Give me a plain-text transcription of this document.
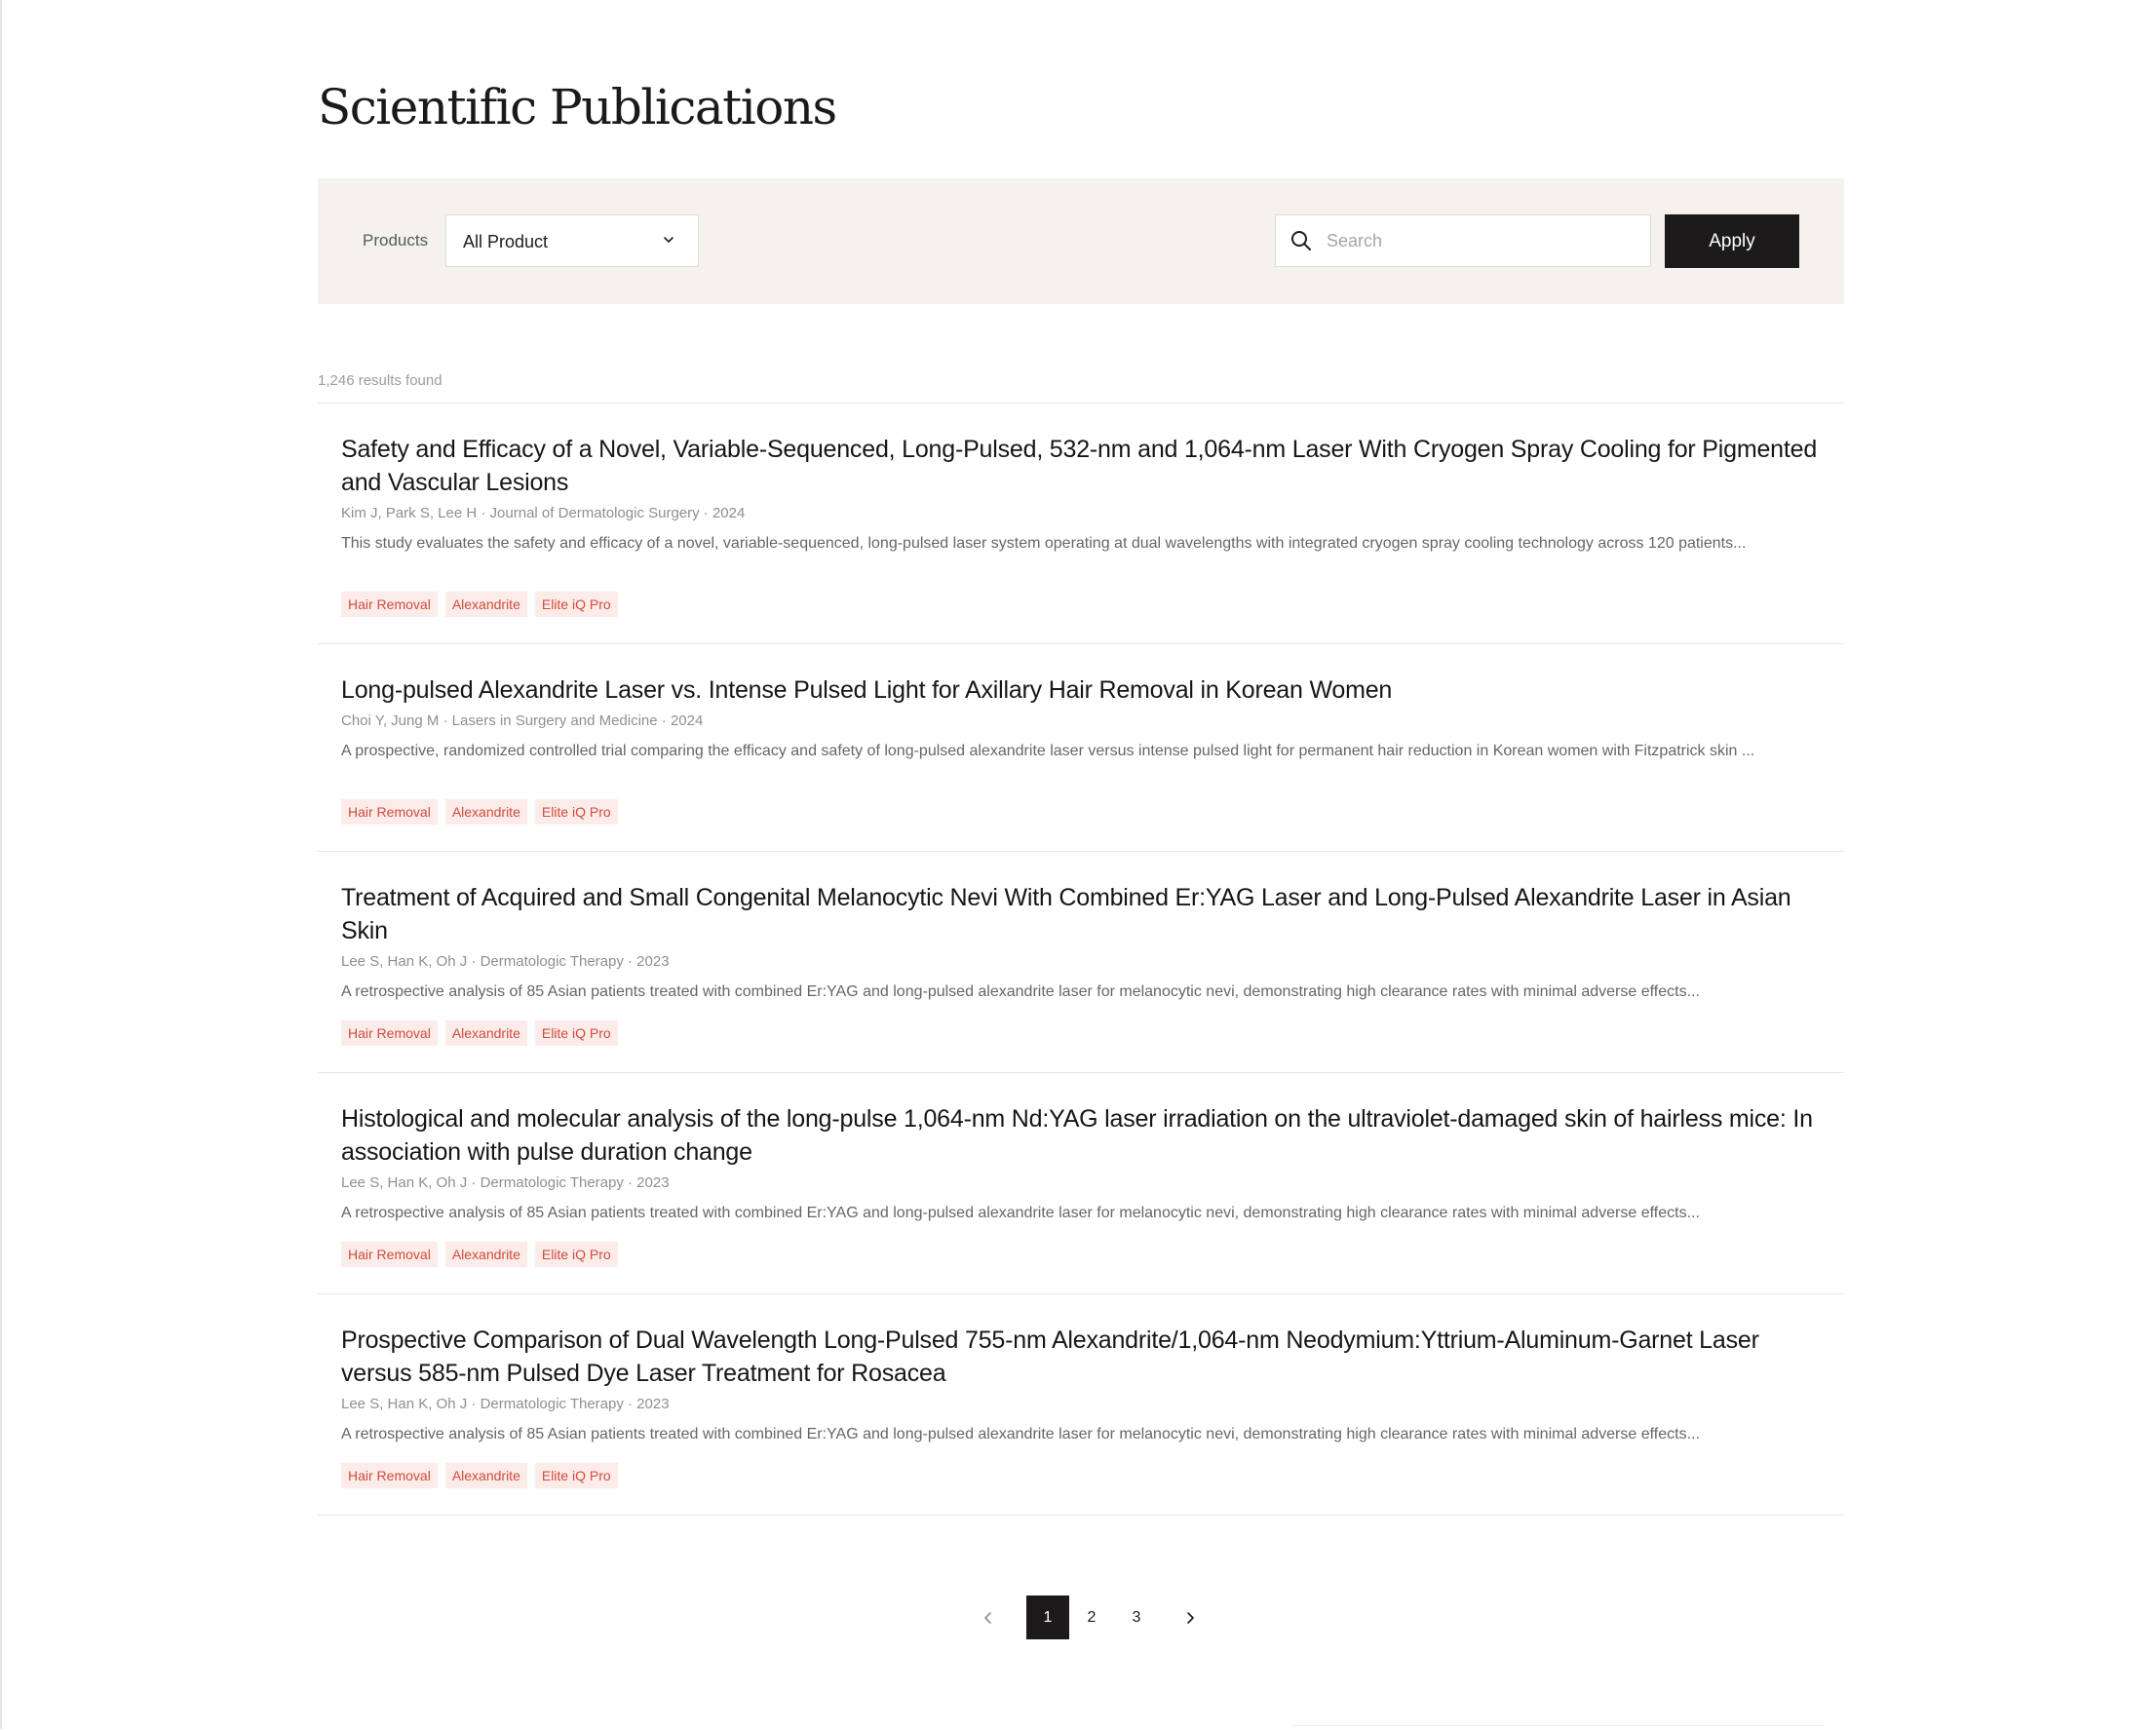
Scientific Publications
Products All Product
Search	Apply
1,246 results found
Safety and Efficacy of a Novel, Variable-Sequenced, Long-Pulsed, 532-nm and 1,064-nm Laser With Cryogen Spray Cooling for Pigmented and Vascular Lesions
Kim J, Park S, Lee H · Journal of Dermatologic Surgery · 2024
This study evaluates the safety and efficacy of a novel, variable-sequenced, long-pulsed laser system operating at dual wavelengths with integrated cryogen spray cooling technology across 120 patients...
Hair Removal	Alexandrite	Elite iQ Pro
Long-pulsed Alexandrite Laser vs. Intense Pulsed Light for Axillary Hair Removal in Korean Women
Choi Y, Jung M · Lasers in Surgery and Medicine · 2024
A prospective, randomized controlled trial comparing the efficacy and safety of long-pulsed alexandrite laser versus intense pulsed light for permanent hair reduction in Korean women with Fitzpatrick skin ...
Hair Removal	Alexandrite	Elite iQ Pro
Treatment of Acquired and Small Congenital Melanocytic Nevi With Combined Er:YAG Laser and Long-Pulsed Alexandrite Laser in Asian Skin
Lee S, Han K, Oh J · Dermatologic Therapy · 2023
A retrospective analysis of 85 Asian patients treated with combined Er:YAG and long-pulsed alexandrite laser for melanocytic nevi, demonstrating high clearance rates with minimal adverse effects...
Hair Removal	Alexandrite	Elite iQ Pro
Histological and molecular analysis of the long-pulse 1,064-nm Nd:YAG laser irradiation on the ultraviolet-damaged skin of hairless mice: In association with pulse duration change
Lee S, Han K, Oh J · Dermatologic Therapy · 2023
A retrospective analysis of 85 Asian patients treated with combined Er:YAG and long-pulsed alexandrite laser for melanocytic nevi, demonstrating high clearance rates with minimal adverse effects...
Hair Removal	Alexandrite	Elite iQ Pro
Prospective Comparison of Dual Wavelength Long-Pulsed 755-nm Alexandrite/1,064-nm Neodymium:Yttrium-Aluminum-Garnet Laser versus 585-nm Pulsed Dye Laser Treatment for Rosacea
Lee S, Han K, Oh J · Dermatologic Therapy · 2023
A retrospective analysis of 85 Asian patients treated with combined Er:YAG and long-pulsed alexandrite laser for melanocytic nevi, demonstrating high clearance rates with minimal adverse effects...
Hair Removal	Alexandrite	Elite iQ Pro
1	2	3
